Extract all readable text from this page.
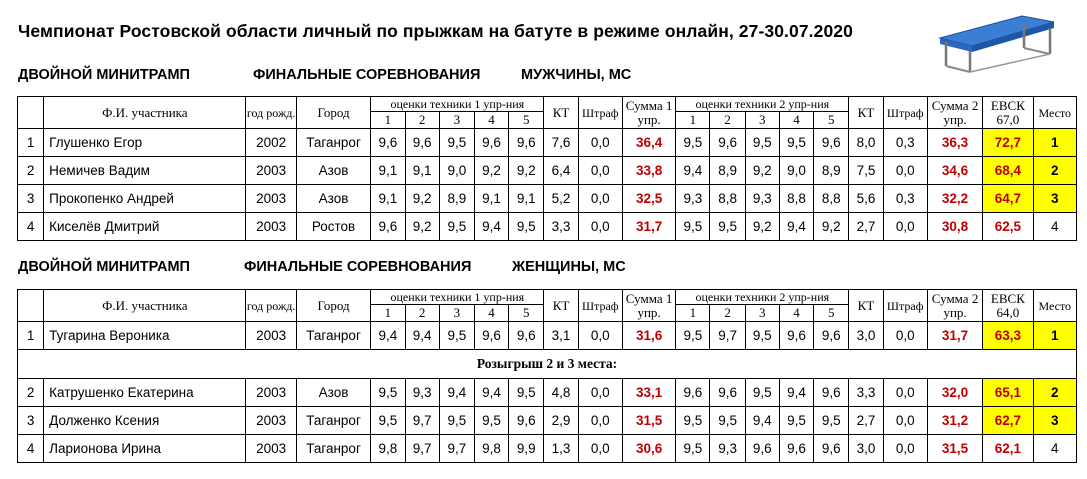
Чемпионат Ростовской области личный по прыжкам на батуте в режиме онлайн, 27-30.07.2020
ДВОЙНОЙ МИНИТРАМП	ФИНАЛЬНЫЕ СОРЕВНОВАНИЯ	МУЖЧИНЫ, МС
	Ф.И. участника	год рожд.	Город	оценки техники 1 упр-ния					КТ	Штраф	Сумма 1 упр.	оценки техники 2 упр-ния					КТ	Штраф	Сумма 2 упр.	ЕВСК 67,0	Место
				1	2	3	4	5				1	2	3	4	5					
1	Глушенко Егор	2002	Таганрог	9,6	9,6	9,5	9,6	9,6	7,6	0,0	36,4	9,5	9,6	9,5	9,5	9,6	8,0	0,3	36,3	72,7	1
2	Немичев Вадим	2003	Азов	9,1	9,1	9,0	9,2	9,2	6,4	0,0	33,8	9,4	8,9	9,2	9,0	8,9	7,5	0,0	34,6	68,4	2
3	Прокопенко Андрей	2003	Азов	9,1	9,2	8,9	9,1	9,1	5,2	0,0	32,5	9,3	8,8	9,3	8,8	8,8	5,6	0,3	32,2	64,7	3
4	Киселёв Дмитрий	2003	Ростов	9,6	9,2	9,5	9,4	9,5	3,3	0,0	31,7	9,5	9,5	9,2	9,4	9,2	2,7	0,0	30,8	62,5	4
ДВОЙНОЙ МИНИТРАМП	ФИНАЛЬНЫЕ СОРЕВНОВАНИЯ	ЖЕНЩИНЫ, МС
	Ф.И. участника	год рожд.	Город	оценки техники 1 упр-ния					КТ	Штраф	Сумма 1 упр.	оценки техники 2 упр-ния					КТ	Штраф	Сумма 2 упр.	ЕВСК 64,0	Место
				1	2	3	4	5				1	2	3	4	5					
1	Тугарина Вероника	2003	Таганрог	9,4	9,4	9,5	9,6	9,6	3,1	0,0	31,6	9,5	9,7	9,5	9,6	9,6	3,0	0,0	31,7	63,3	1
Розыгрыш 2 и 3 места:																					
2	Катрушенко Екатерина	2003	Азов	9,5	9,3	9,4	9,4	9,5	4,8	0,0	33,1	9,6	9,6	9,5	9,4	9,6	3,3	0,0	32,0	65,1	2
3	Долженко Ксения	2003	Таганрог	9,5	9,7	9,5	9,5	9,6	2,9	0,0	31,5	9,5	9,5	9,4	9,5	9,5	2,7	0,0	31,2	62,7	3
4	Ларионова Ирина	2003	Таганрог	9,8	9,7	9,7	9,8	9,9	1,3	0,0	30,6	9,5	9,3	9,6	9,6	9,6	3,0	0,0	31,5	62,1	4
